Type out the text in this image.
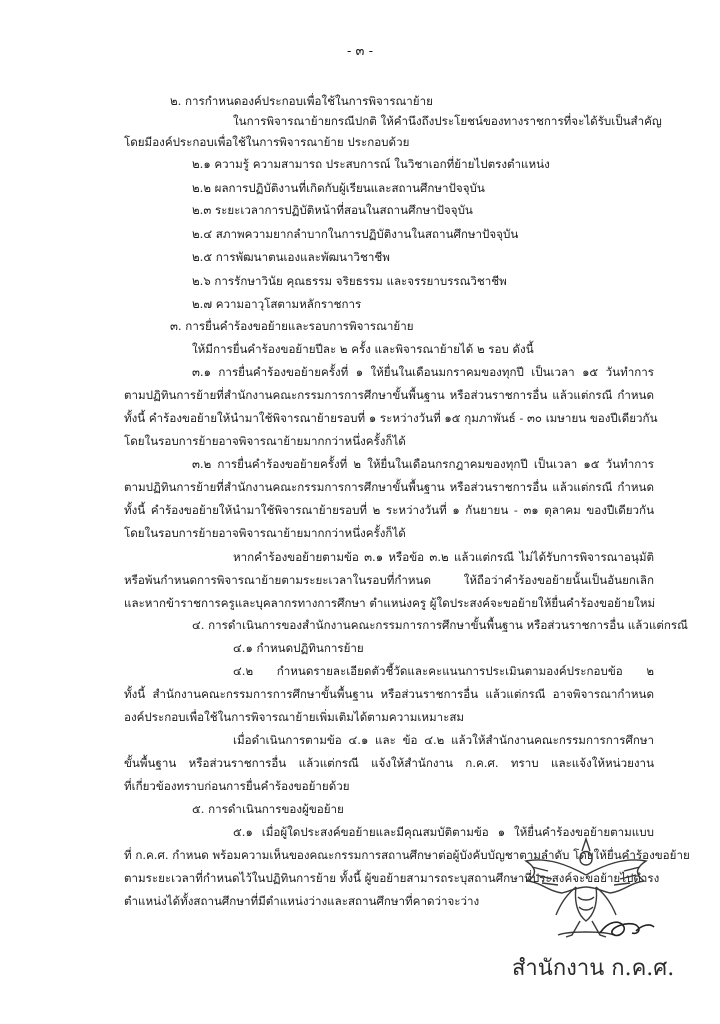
- ๓ -
๒. การกำหนดองค์ประกอบเพื่อใช้ในการพิจารณาย้าย
ในการพิจารณาย้ายกรณีปกติ ให้คำนึงถึงประโยชน์ของทางราชการที่จะได้รับเป็นสำคัญ
โดยมีองค์ประกอบเพื่อใช้ในการพิจารณาย้าย ประกอบด้วย
๒.๑ ความรู้ ความสามารถ ประสบการณ์ ในวิชาเอกที่ย้ายไปตรงตำแหน่ง
๒.๒ ผลการปฏิบัติงานที่เกิดกับผู้เรียนและสถานศึกษาปัจจุบัน
๒.๓ ระยะเวลาการปฏิบัติหน้าที่สอนในสถานศึกษาปัจจุบัน
๒.๔ สภาพความยากลำบากในการปฏิบัติงานในสถานศึกษาปัจจุบัน
๒.๕ การพัฒนาตนเองและพัฒนาวิชาชีพ
๒.๖ การรักษาวินัย คุณธรรม จริยธรรม และจรรยาบรรณวิชาชีพ
๒.๗ ความอาวุโสตามหลักราชการ
๓. การยื่นคำร้องขอย้ายและรอบการพิจารณาย้าย
ให้มีการยื่นคำร้องขอย้ายปีละ ๒ ครั้ง และพิจารณาย้ายได้ ๒ รอบ ดังนี้
๓.๑ การยื่นคำร้องขอย้ายครั้งที่ ๑ ให้ยื่นในเดือนมกราคมของทุกปี เป็นเวลา ๑๕ วันทำการ
ตามปฏิทินการย้ายที่สำนักงานคณะกรรมการการศึกษาขั้นพื้นฐาน หรือส่วนราชการอื่น แล้วแต่กรณี กำหนด
ทั้งนี้ คำร้องขอย้ายให้นำมาใช้พิจารณาย้ายรอบที่ ๑ ระหว่างวันที่ ๑๕ กุมภาพันธ์ - ๓๐ เมษายน ของปีเดียวกัน
โดยในรอบการย้ายอาจพิจารณาย้ายมากกว่าหนึ่งครั้งก็ได้
๓.๒ การยื่นคำร้องขอย้ายครั้งที่ ๒ ให้ยื่นในเดือนกรกฎาคมของทุกปี เป็นเวลา ๑๕ วันทำการ
ตามปฏิทินการย้ายที่สำนักงานคณะกรรมการการศึกษาขั้นพื้นฐาน หรือส่วนราชการอื่น แล้วแต่กรณี กำหนด
ทั้งนี้ คำร้องขอย้ายให้นำมาใช้พิจารณาย้ายรอบที่ ๒ ระหว่างวันที่ ๑ กันยายน - ๓๑ ตุลาคม ของปีเดียวกัน
โดยในรอบการย้ายอาจพิจารณาย้ายมากกว่าหนึ่งครั้งก็ได้
หากคำร้องขอย้ายตามข้อ ๓.๑ หรือข้อ ๓.๒ แล้วแต่กรณี ไม่ได้รับการพิจารณาอนุมัติ
หรือพ้นกำหนดการพิจารณาย้ายตามระยะเวลาในรอบที่กำหนด ให้ถือว่าคำร้องขอย้ายนั้นเป็นอันยกเลิก
และหากข้าราชการครูและบุคลากรทางการศึกษา ตำแหน่งครู ผู้ใดประสงค์จะขอย้ายให้ยื่นคำร้องขอย้ายใหม่
๔. การดำเนินการของสำนักงานคณะกรรมการการศึกษาขั้นพื้นฐาน หรือส่วนราชการอื่น แล้วแต่กรณี
๔.๑ กำหนดปฏิทินการย้าย
๔.๒ กำหนดรายละเอียดตัวชี้วัดและคะแนนการประเมินตามองค์ประกอบข้อ ๒
ทั้งนี้ สำนักงานคณะกรรมการการศึกษาขั้นพื้นฐาน หรือส่วนราชการอื่น แล้วแต่กรณี อาจพิจารณากำหนด
องค์ประกอบเพื่อใช้ในการพิจารณาย้ายเพิ่มเติมได้ตามความเหมาะสม
เมื่อดำเนินการตามข้อ ๔.๑ และ ข้อ ๔.๒ แล้วให้สำนักงานคณะกรรมการการศึกษา
ขั้นพื้นฐาน หรือส่วนราชการอื่น แล้วแต่กรณี แจ้งให้สำนักงาน ก.ค.ศ. ทราบ และแจ้งให้หน่วยงาน
ที่เกี่ยวข้องทราบก่อนการยื่นคำร้องขอย้ายด้วย
๕. การดำเนินการของผู้ขอย้าย
๕.๑ เมื่อผู้ใดประสงค์ขอย้ายและมีคุณสมบัติตามข้อ ๑ ให้ยื่นคำร้องขอย้ายตามแบบ
ที่ ก.ค.ศ. กำหนด พร้อมความเห็นของคณะกรรมการสถานศึกษาต่อผู้บังคับบัญชาตามลำดับ โดยให้ยื่นคำร้องขอย้าย
ตามระยะเวลาที่กำหนดไว้ในปฏิทินการย้าย ทั้งนี้ ผู้ขอย้ายสามารถระบุสถานศึกษาที่ประสงค์จะขอย้ายไปดำรง
ตำแหน่งได้ทั้งสถานศึกษาที่มีตำแหน่งว่างและสถานศึกษาที่คาดว่าจะว่าง
สำนักงาน ก.ค.ศ.
